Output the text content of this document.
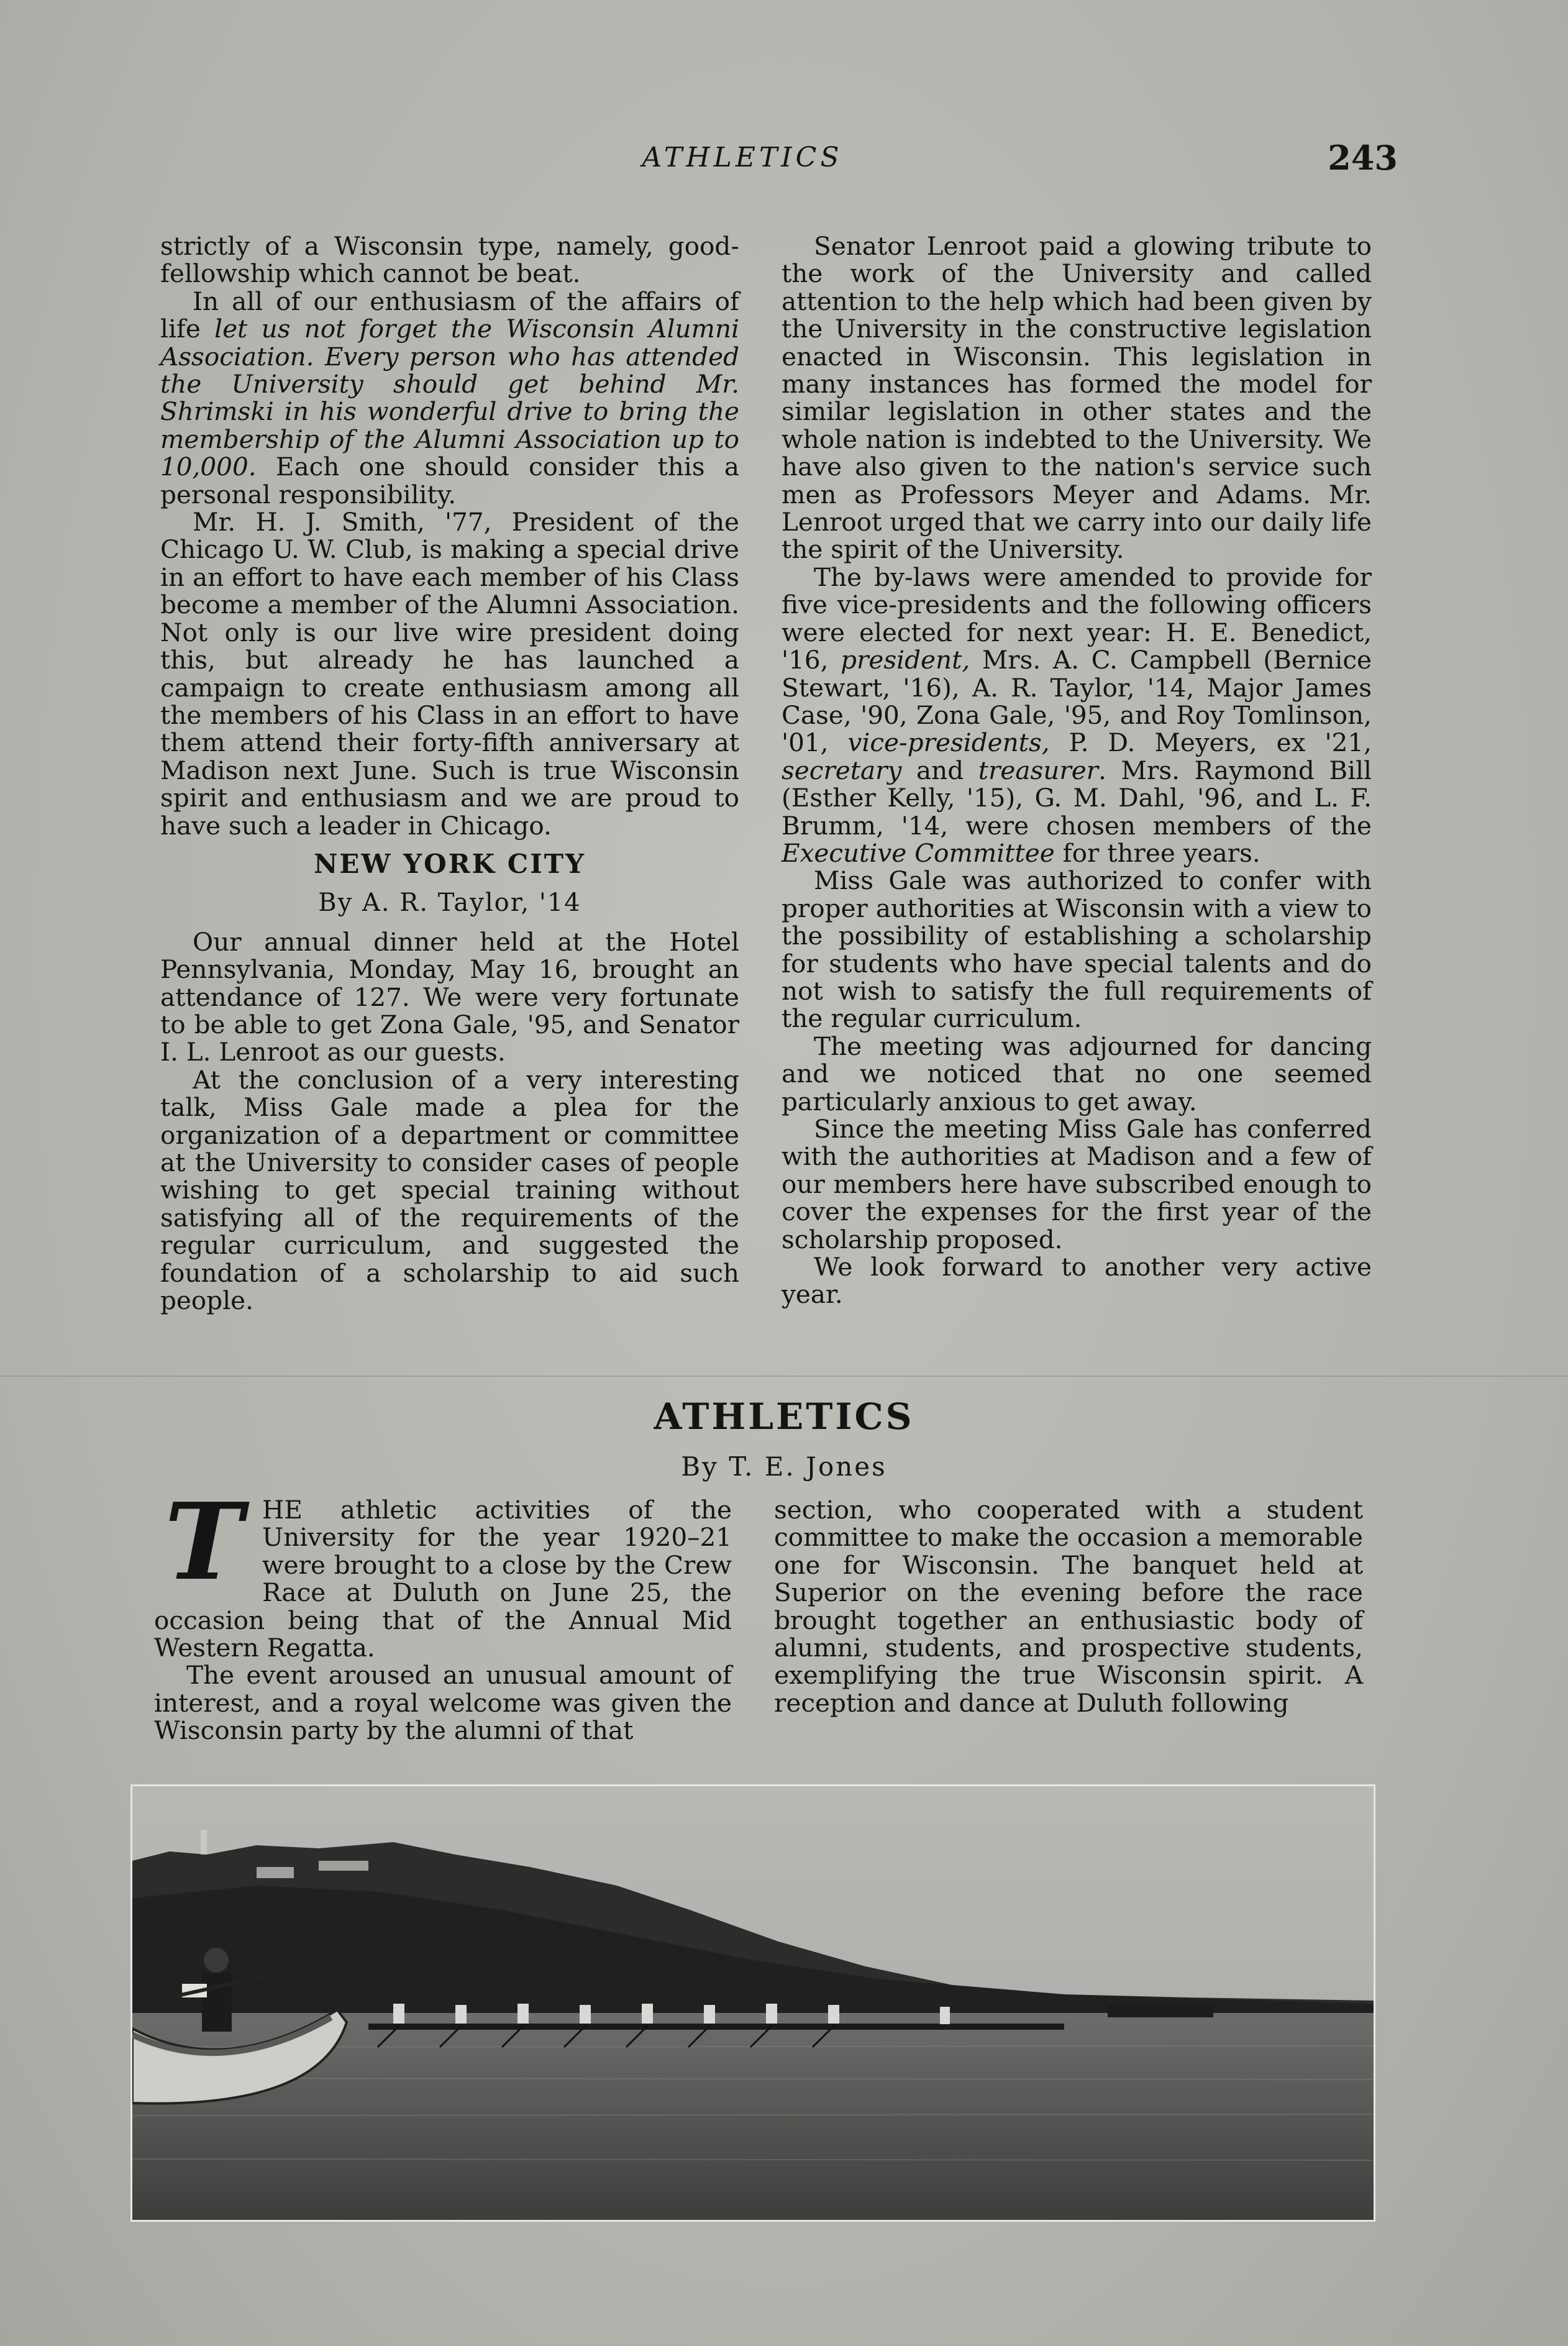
ATHLETICS	243

strictly of a Wisconsin type, namely, good-fellowship which cannot be beat.

In all of our enthusiasm of the affairs of life let us not forget the Wisconsin Alumni Association. Every person who has attended the University should get behind Mr. Shrimski in his wonderful drive to bring the membership of the Alumni Association up to 10,000. Each one should consider this a personal responsibility.

Mr. H. J. Smith, '77, President of the Chicago U. W. Club, is making a special drive in an effort to have each member of his Class become a member of the Alumni Association. Not only is our live wire president doing this, but already he has launched a campaign to create enthusiasm among all the members of his Class in an effort to have them attend their forty-fifth anniversary at Madison next June. Such is true Wisconsin spirit and enthusiasm and we are proud to have such a leader in Chicago.

NEW YORK CITY

By A. R. Taylor, '14

Our annual dinner held at the Hotel Pennsylvania, Monday, May 16, brought an attendance of 127. We were very fortunate to be able to get Zona Gale, '95, and Senator I. L. Lenroot as our guests.

At the conclusion of a very interesting talk, Miss Gale made a plea for the organization of a department or committee at the University to consider cases of people wishing to get special training without satisfying all of the requirements of the regular curriculum, and suggested the foundation of a scholarship to aid such people.

Senator Lenroot paid a glowing tribute to the work of the University and called attention to the help which had been given by the University in the constructive legislation enacted in Wisconsin. This legislation in many instances has formed the model for similar legislation in other states and the whole nation is indebted to the University. We have also given to the nation's service such men as Professors Meyer and Adams. Mr. Lenroot urged that we carry into our daily life the spirit of the University.

The by-laws were amended to provide for five vice-presidents and the following officers were elected for next year: H. E. Benedict, '16, president, Mrs. A. C. Campbell (Bernice Stewart, '16), A. R. Taylor, '14, Major James Case, '90, Zona Gale, '95, and Roy Tomlinson, '01, vice-presidents, P. D. Meyers, ex '21, secretary and treasurer. Mrs. Raymond Bill (Esther Kelly, '15), G. M. Dahl, '96, and L. F. Brumm, '14, were chosen members of the Executive Committee for three years.

Miss Gale was authorized to confer with proper authorities at Wisconsin with a view to the possibility of establishing a scholarship for students who have special talents and do not wish to satisfy the full requirements of the regular curriculum.

The meeting was adjourned for dancing and we noticed that no one seemed particularly anxious to get away.

Since the meeting Miss Gale has conferred with the authorities at Madison and a few of our members here have subscribed enough to cover the expenses for the first year of the scholarship proposed.

We look forward to another very active year.

ATHLETICS
By T. E. Jones
T HE athletic activities of the University for the year 1920–21 were brought to a close by the Crew Race at Duluth on June 25, the occasion being that of the Annual Mid Western Regatta.

The event aroused an unusual amount of interest, and a royal welcome was given the Wisconsin party by the alumni of that

section, who cooperated with a student committee to make the occasion a memorable one for Wisconsin. The banquet held at Superior on the evening before the race brought together an enthusiastic body of alumni, students, and prospective students, exemplifying the true Wisconsin spirit. A reception and dance at Duluth following
